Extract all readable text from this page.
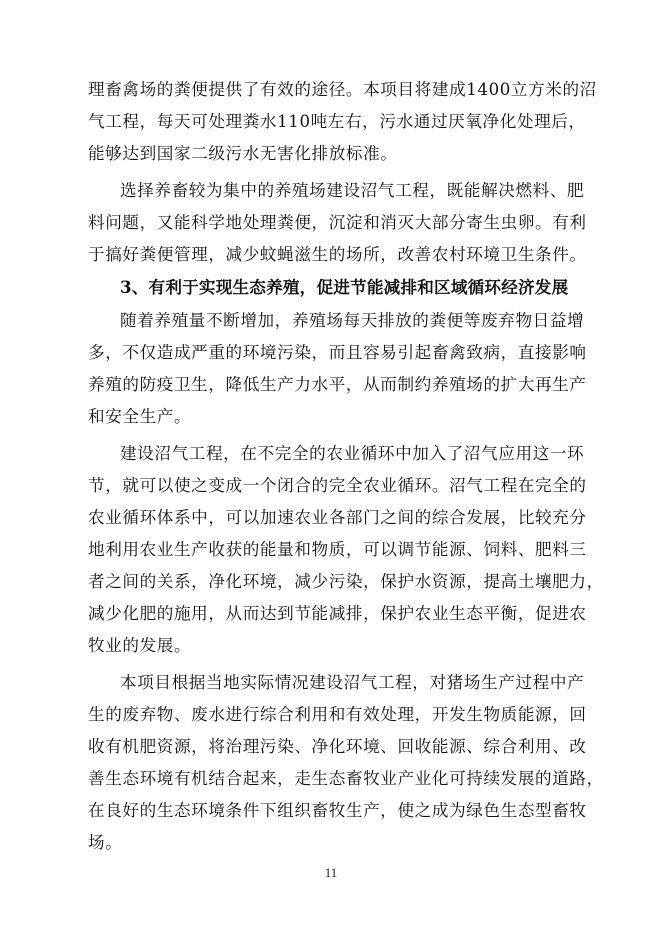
理畜禽场的粪便提供了有效的途径。本项目将建成1400立方米的沼
气工程，每天可处理粪水110吨左右，污水通过厌氧净化处理后，
能够达到国家二级污水无害化排放标准。
选择养畜较为集中的养殖场建设沼气工程，既能解决燃料、肥
料问题，又能科学地处理粪便，沉淀和消灭大部分寄生虫卵。有利
于搞好粪便管理，减少蚊蝇滋生的场所，改善农村环境卫生条件。
3、有利于实现生态养殖，促进节能减排和区域循环经济发展
随着养殖量不断增加，养殖场每天排放的粪便等废弃物日益增
多，不仅造成严重的环境污染，而且容易引起畜禽致病，直接影响
养殖的防疫卫生，降低生产力水平，从而制约养殖场的扩大再生产
和安全生产。
建设沼气工程，在不完全的农业循环中加入了沼气应用这一环
节，就可以使之变成一个闭合的完全农业循环。沼气工程在完全的
农业循环体系中，可以加速农业各部门之间的综合发展，比较充分
地利用农业生产收获的能量和物质，可以调节能源、饲料、肥料三
者之间的关系，净化环境，减少污染，保护水资源，提高土壤肥力，
减少化肥的施用，从而达到节能减排，保护农业生态平衡，促进农
牧业的发展。
本项目根据当地实际情况建设沼气工程，对猪场生产过程中产
生的废弃物、废水进行综合利用和有效处理，开发生物质能源，回
收有机肥资源，将治理污染、净化环境、回收能源、综合利用、改
善生态环境有机结合起来，走生态畜牧业产业化可持续发展的道路，
在良好的生态环境条件下组织畜牧生产，使之成为绿色生态型畜牧
场。
11
